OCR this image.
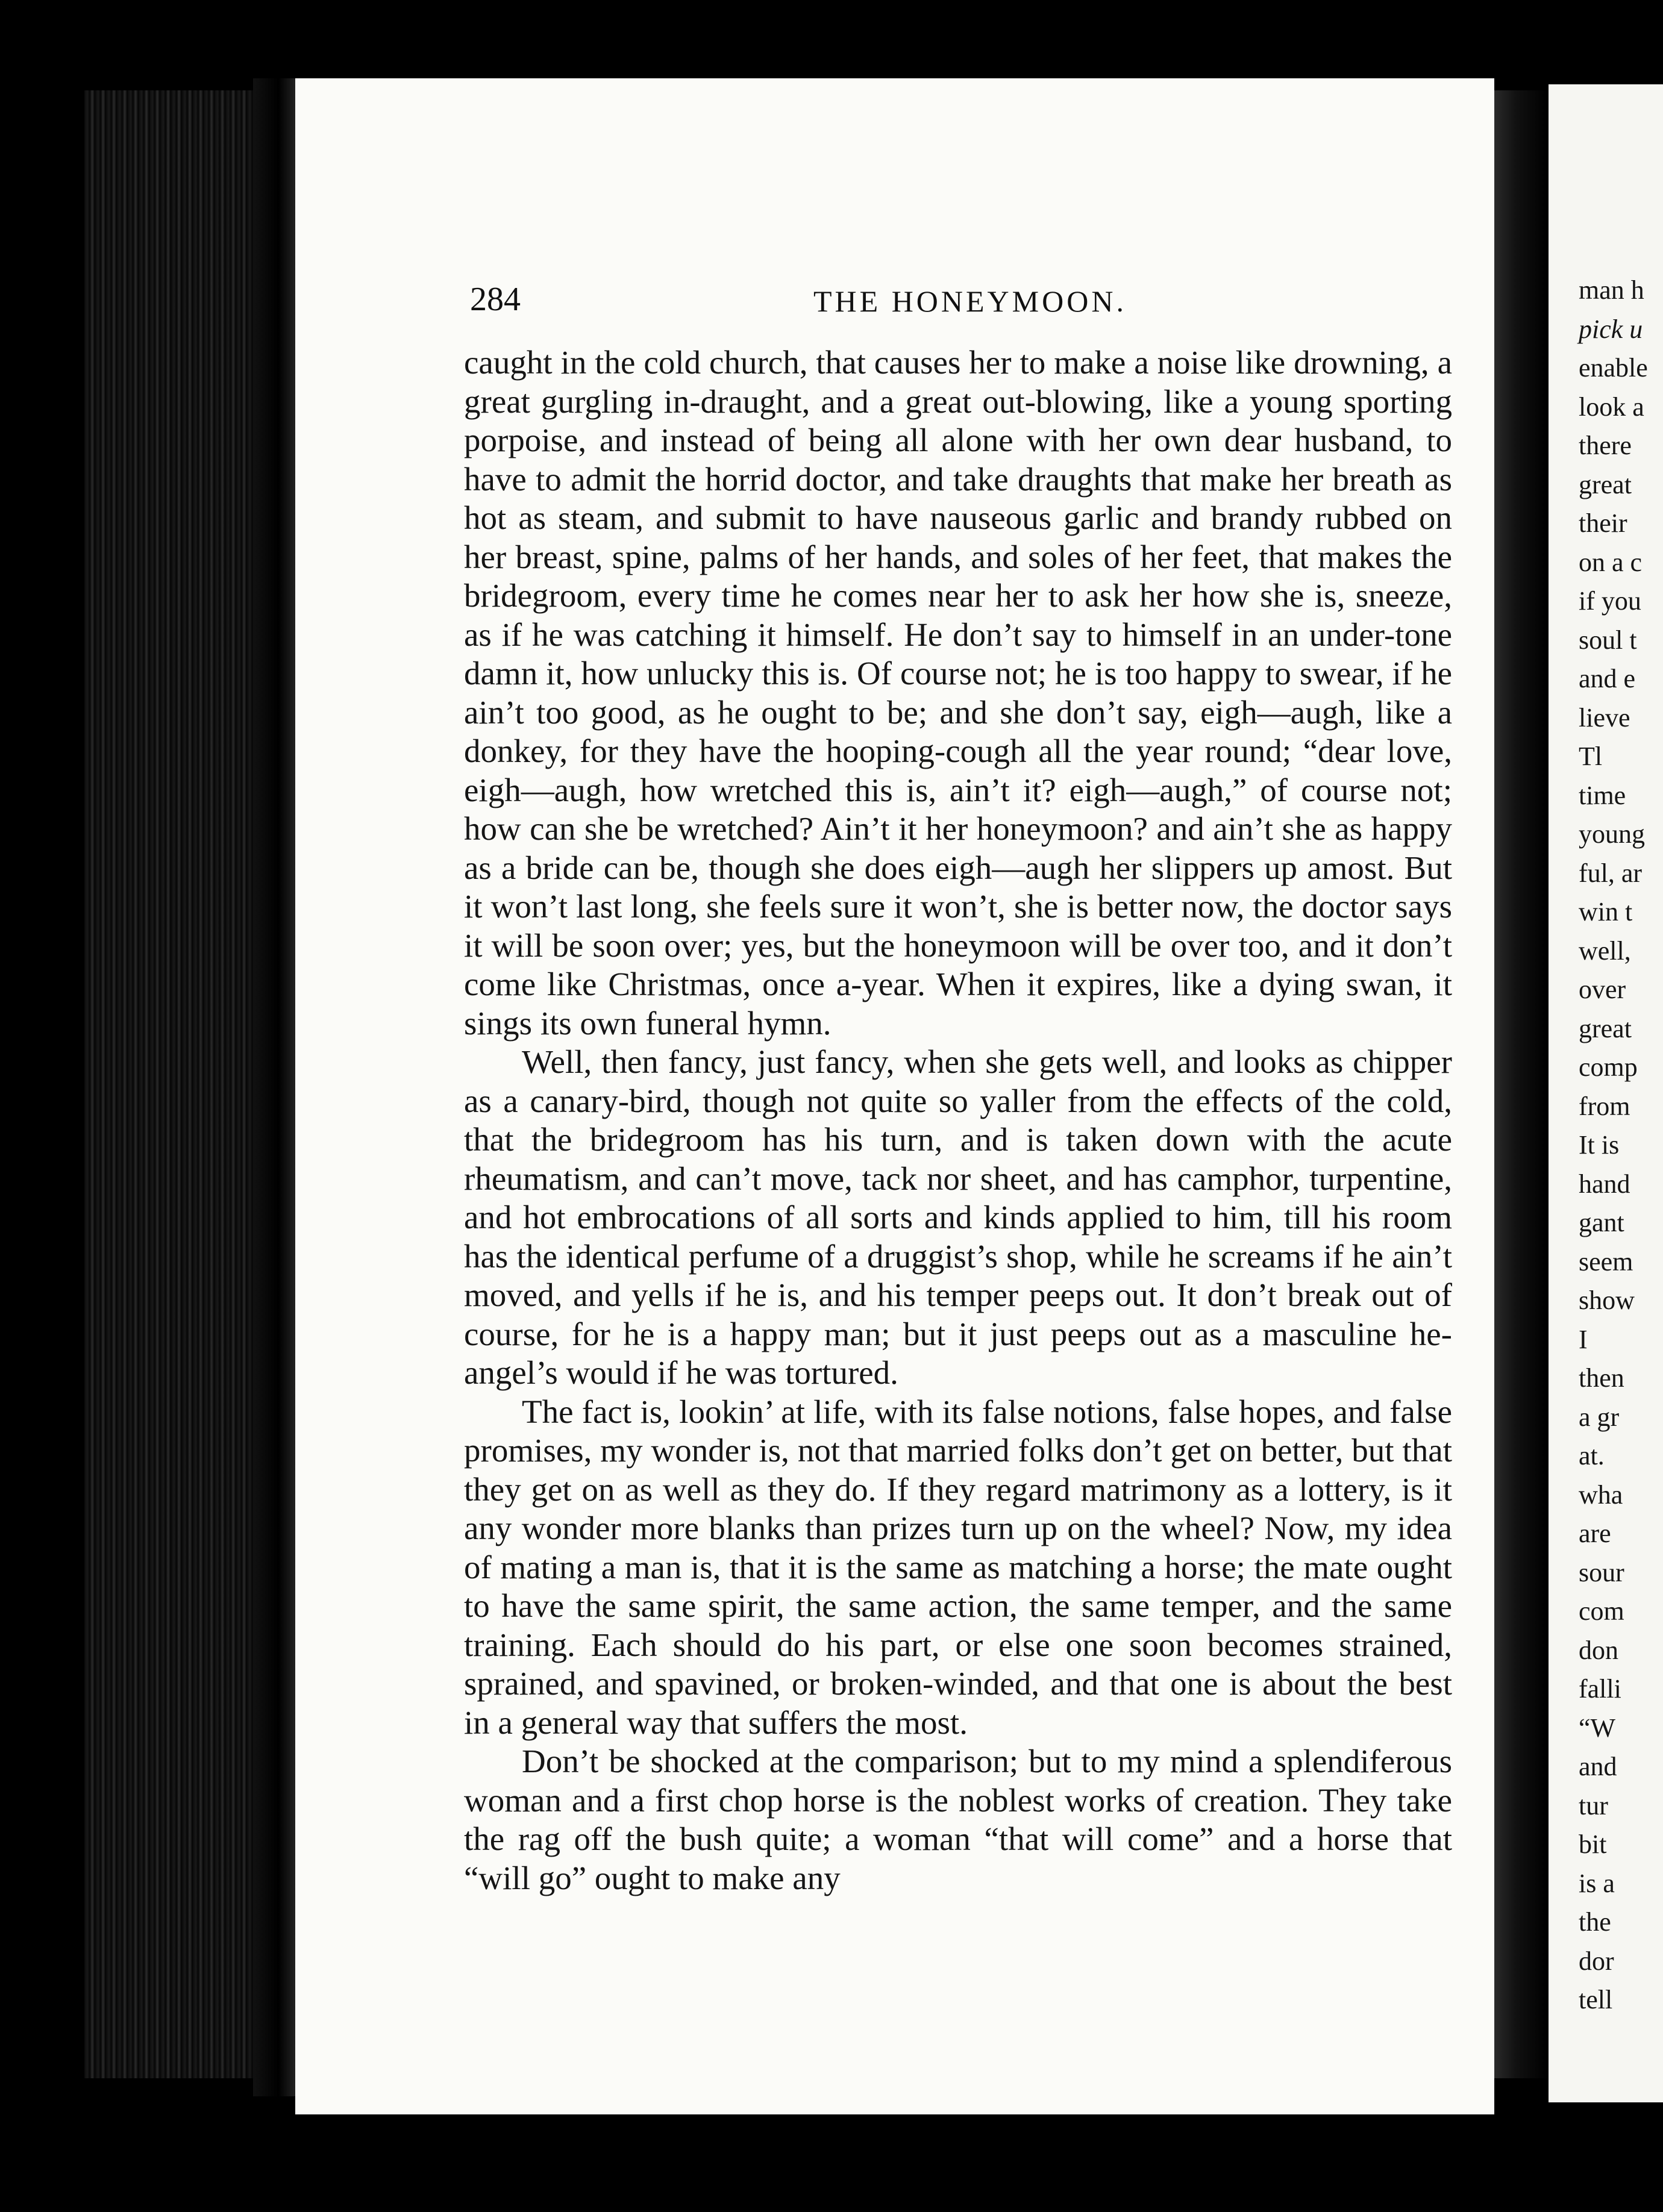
284	THE HONEYMOON.

caught in the cold church, that causes her to make a noise like drowning, a great gurgling in-draught, and a great out-blowing, like a young sporting porpoise, and instead of being all alone with her own dear husband, to have to admit the horrid doctor, and take draughts that make her breath as hot as steam, and submit to have nauseous garlic and brandy rubbed on her breast, spine, palms of her hands, and soles of her feet, that makes the bridegroom, every time he comes near her to ask her how she is, sneeze, as if he was catching it himself. He don’t say to himself in an under-tone damn it, how unlucky this is. Of course not; he is too happy to swear, if he ain’t too good, as he ought to be; and she don’t say, eigh—augh, like a donkey, for they have the hooping-cough all the year round; “dear love, eigh—augh, how wretched this is, ain’t it? eigh—augh,” of course not; how can she be wretched? Ain’t it her honeymoon? and ain’t she as happy as a bride can be, though she does eigh—augh her slippers up amost. But it won’t last long, she feels sure it won’t, she is better now, the doctor says it will be soon over; yes, but the honeymoon will be over too, and it don’t come like Christmas, once a-year. When it expires, like a dying swan, it sings its own funeral hymn.

Well, then fancy, just fancy, when she gets well, and looks as chipper as a canary-bird, though not quite so yaller from the effects of the cold, that the bridegroom has his turn, and is taken down with the acute rheumatism, and can’t move, tack nor sheet, and has camphor, turpentine, and hot embrocations of all sorts and kinds applied to him, till his room has the identical perfume of a druggist’s shop, while he screams if he ain’t moved, and yells if he is, and his temper peeps out. It don’t break out of course, for he is a happy man; but it just peeps out as a masculine he-angel’s would if he was tortured.

The fact is, lookin’ at life, with its false notions, false hopes, and false promises, my wonder is, not that married folks don’t get on better, but that they get on as well as they do. If they regard matrimony as a lottery, is it any wonder more blanks than prizes turn up on the wheel? Now, my idea of mating a man is, that it is the same as matching a horse; the mate ought to have the same spirit, the same action, the same temper, and the same training. Each should do his part, or else one soon becomes strained, sprained, and spavined, or broken-winded, and that one is about the best in a general way that suffers the most.

Don’t be shocked at the comparison; but to my mind a splendiferous woman and a first chop horse is the noblest works of creation. They take the rag off the bush quite; a woman “that will come” and a horse that “will go” ought to make any

man h
pick u
enable
look a
there
great
their
on a c
if you
soul t
and e
lieve
Tl
time
young
ful, ar
win t
well,
over
great
comp
from
It is
hand
gant
seem
show
I
then
a gr
at.
wha
are
sour
com
don
falli
“W
and
tur
bit
is a
the
dor
tell
